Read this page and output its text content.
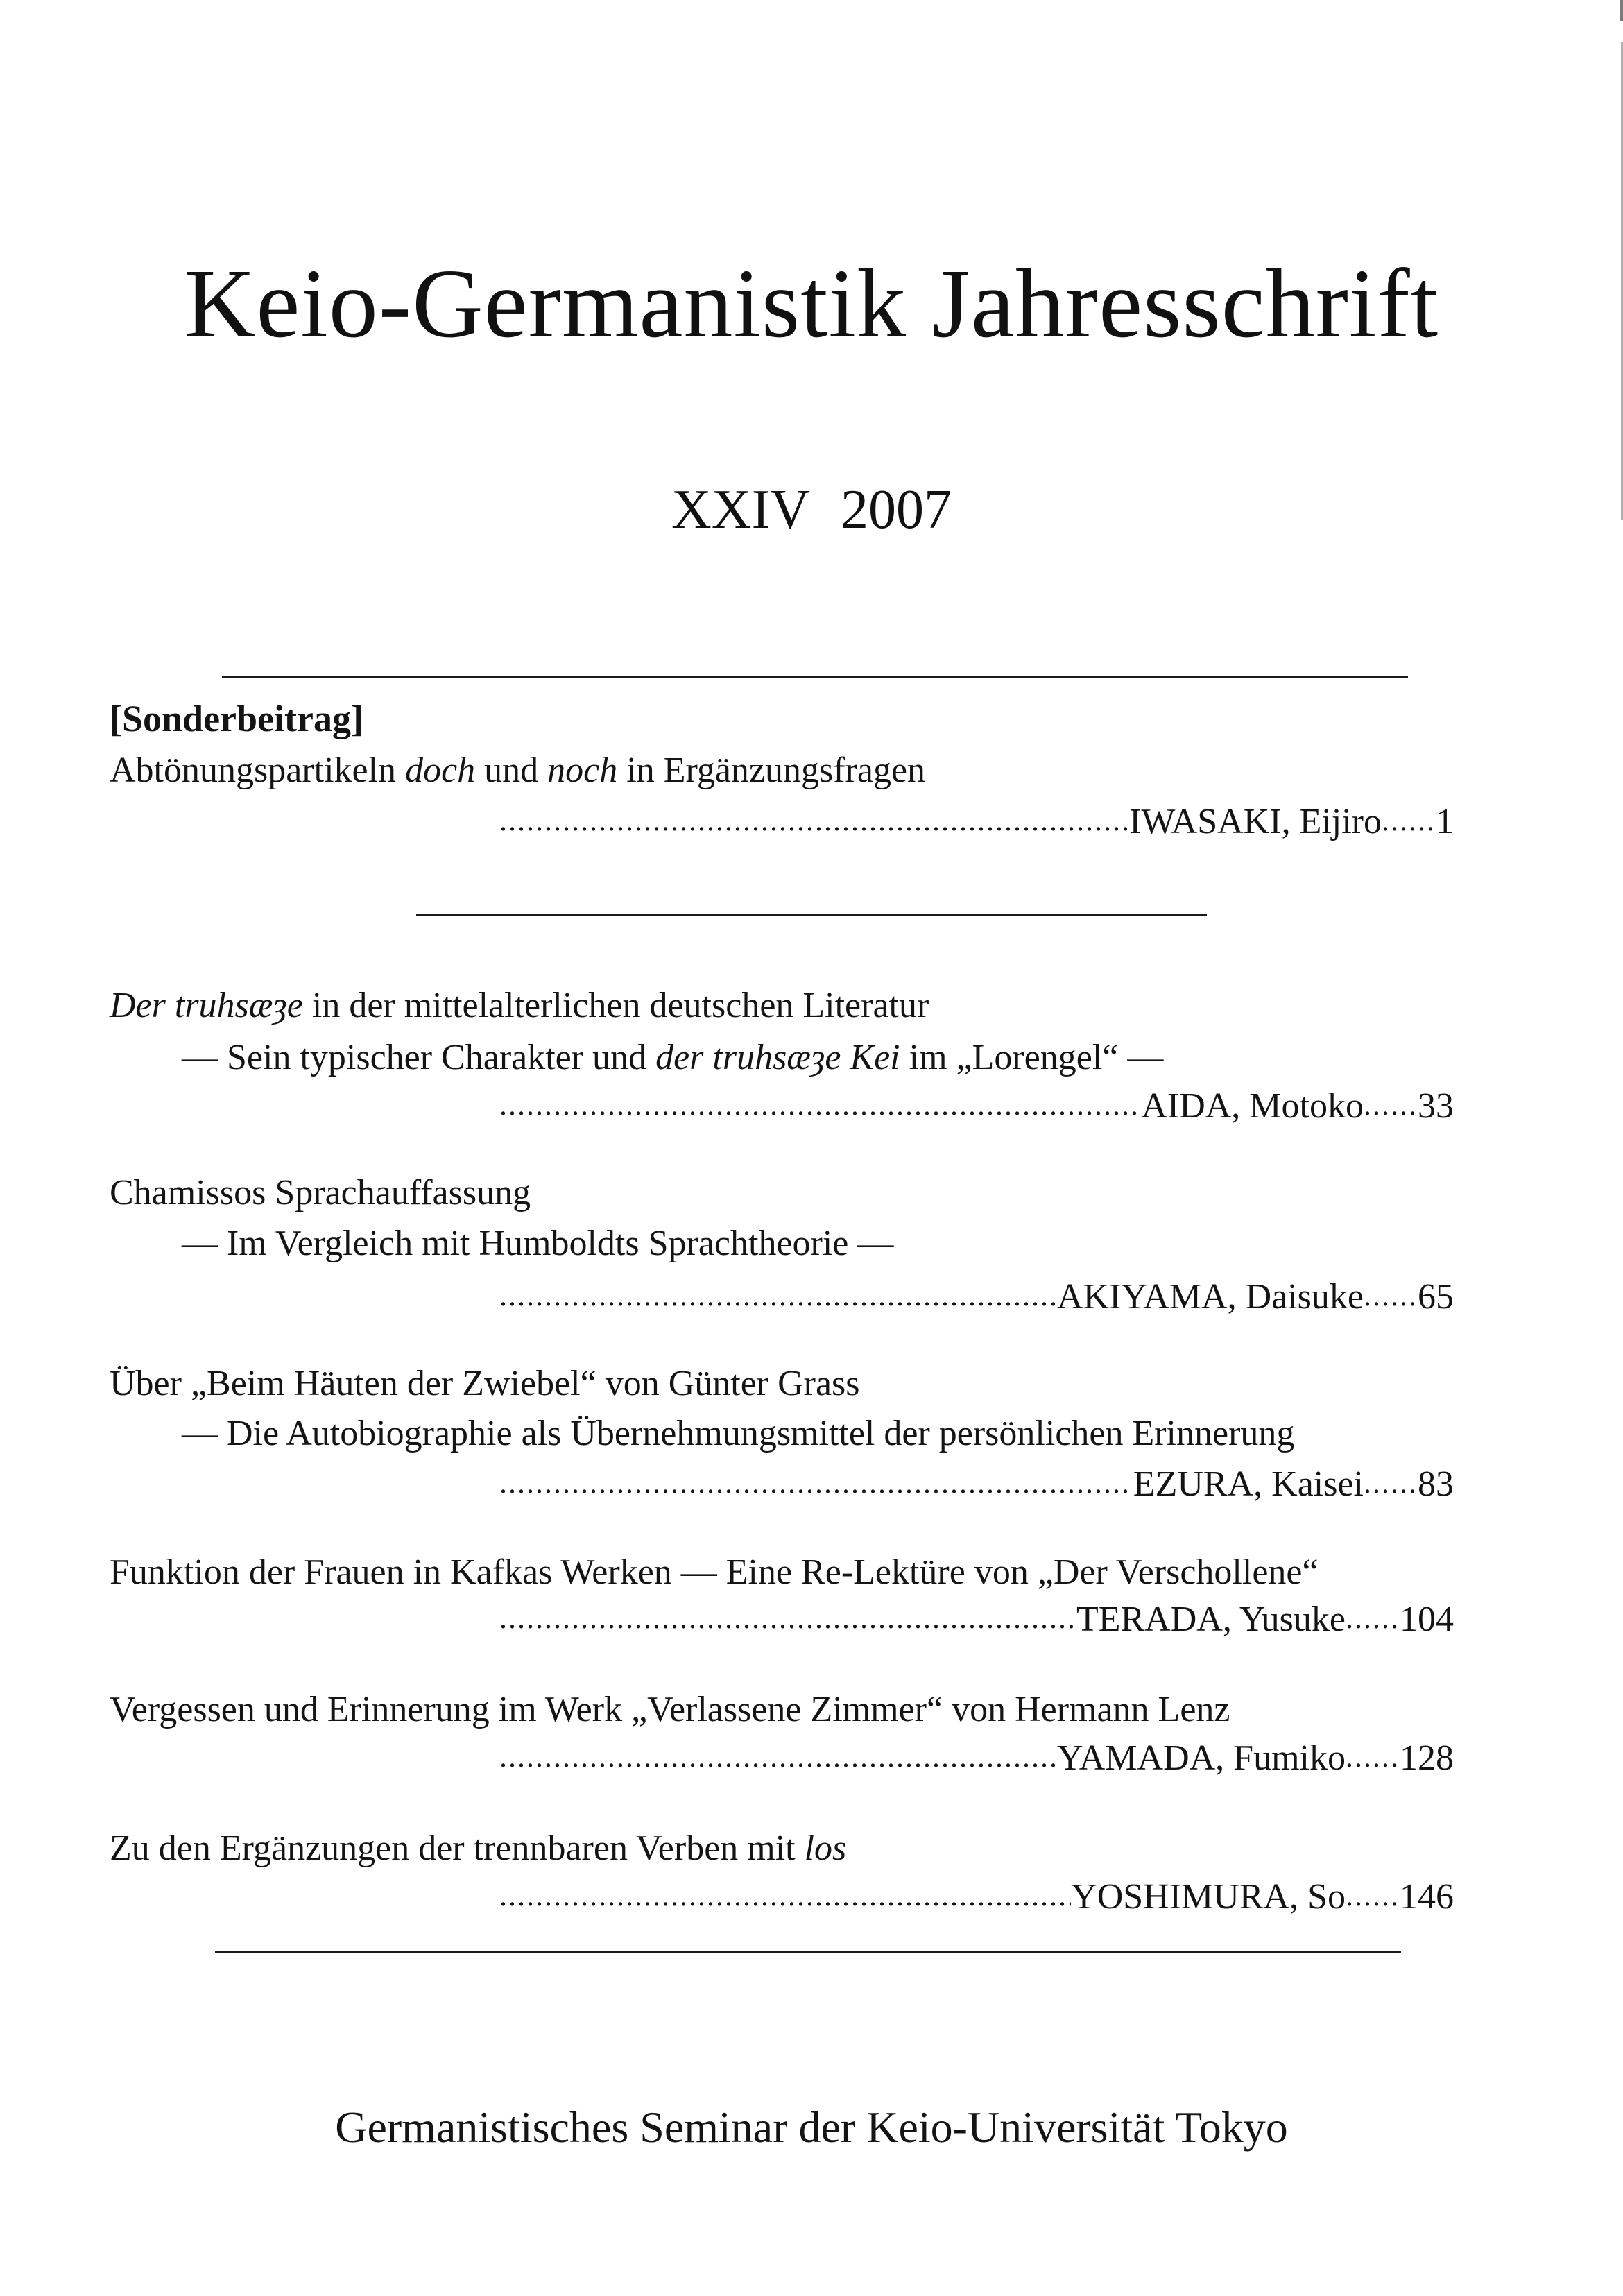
Keio-Germanistik Jahresschrift
XXIV 2007
[Sonderbeitrag]
Abtönungspartikeln doch und noch in Ergänzungsfragen
.....
IWASAKI, Eijiro ..... 1
Der truhsæȝe in der mittelalterlichen deutschen Literatur
— Sein typischer Charakter und der truhsæȝe Kei im „Lorengel“ —
.....
AIDA, Motoko ..... 33
Chamissos Sprachauffassung
— Im Vergleich mit Humboldts Sprachtheorie —
.....
AKIYAMA, Daisuke ..... 65
Über „Beim Häuten der Zwiebel“ von Günter Grass
— Die Autobiographie als Übernehmungsmittel der persönlichen Erinnerung
.....
EZURA, Kaisei ..... 83
Funktion der Frauen in Kafkas Werken — Eine Re-Lektüre von „Der Verschollene“
.....
TERADA, Yusuke ..... 104
Vergessen und Erinnerung im Werk „Verlassene Zimmer“ von Hermann Lenz
.....
YAMADA, Fumiko ..... 128
Zu den Ergänzungen der trennbaren Verben mit los
.....
YOSHIMURA, So ..... 146
Germanistisches Seminar der Keio-Universität Tokyo
